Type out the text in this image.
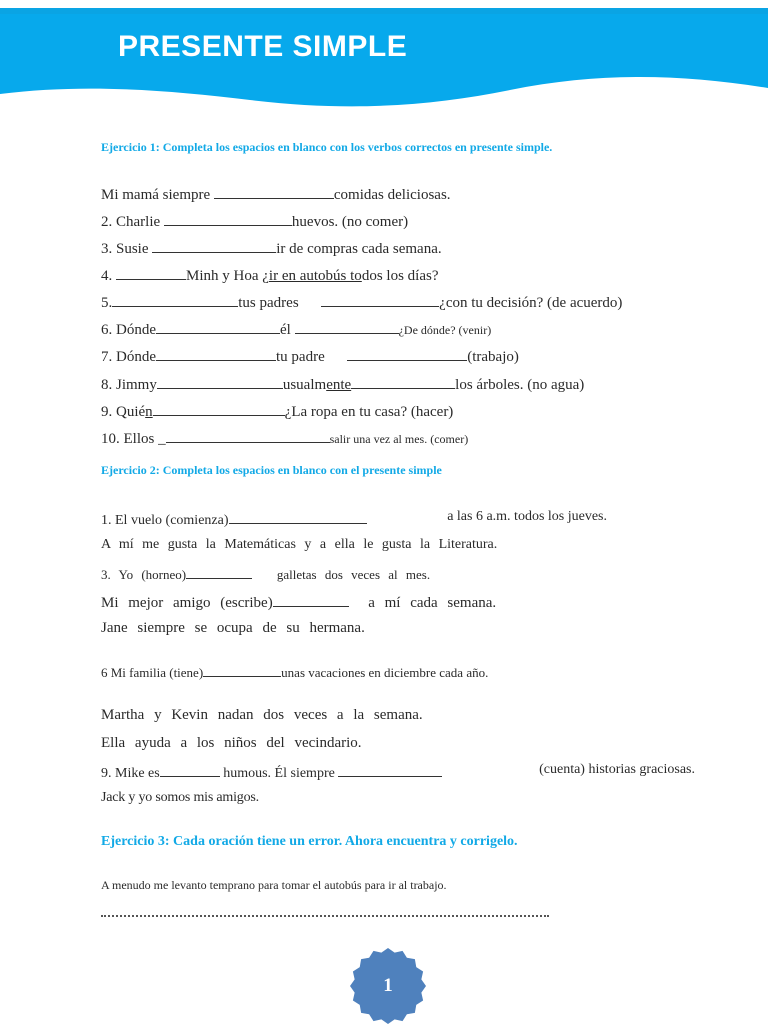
PRESENTE SIMPLE
Ejercicio 1: Completa los espacios en blanco con los verbos correctos en presente simple.
Mi mamá siempre	comidas deliciosas.
2. Charlie	huevos. (no comer)
3. Susie	ir de compras cada semana.
4.	Minh y Hoa ¿ir en autobús todos los días?
5.	tus padres	¿con tu decisión? (de acuerdo)
6. Dónde	él	¿De dónde? (venir)
7. Dónde	tu padre	(trabajo)
8. Jimmy	usualmente	los árboles. (no agua)
9. Quién	¿La ropa en tu casa? (hacer)
10. Ellos _	salir una vez al mes. (comer)
Ejercicio 2: Completa los espacios en blanco con el presente simple
1. El vuelo (comienza)	a las 6 a.m. todos los jueves.
A mí me gusta la Matemáticas y a ella le gusta la Literatura.
3. Yo (horneo)	galletas dos veces al mes.
Mi mejor amigo (escribe)	a mí cada semana.
Jane siempre se ocupa de su hermana.
6 Mi familia (tiene)	unas vacaciones en diciembre cada año.
Martha y Kevin nadan dos veces a la semana.
Ella ayuda a los niños del vecindario.
9. Mike es	humous. Él siempre	(cuenta) historias graciosas.
Jack y yo somos mis amigos.
Ejercicio 3: Cada oración tiene un error. Ahora encuentra y corrigelo.
A menudo me levanto temprano para tomar el autobús para ir al trabajo.
1
